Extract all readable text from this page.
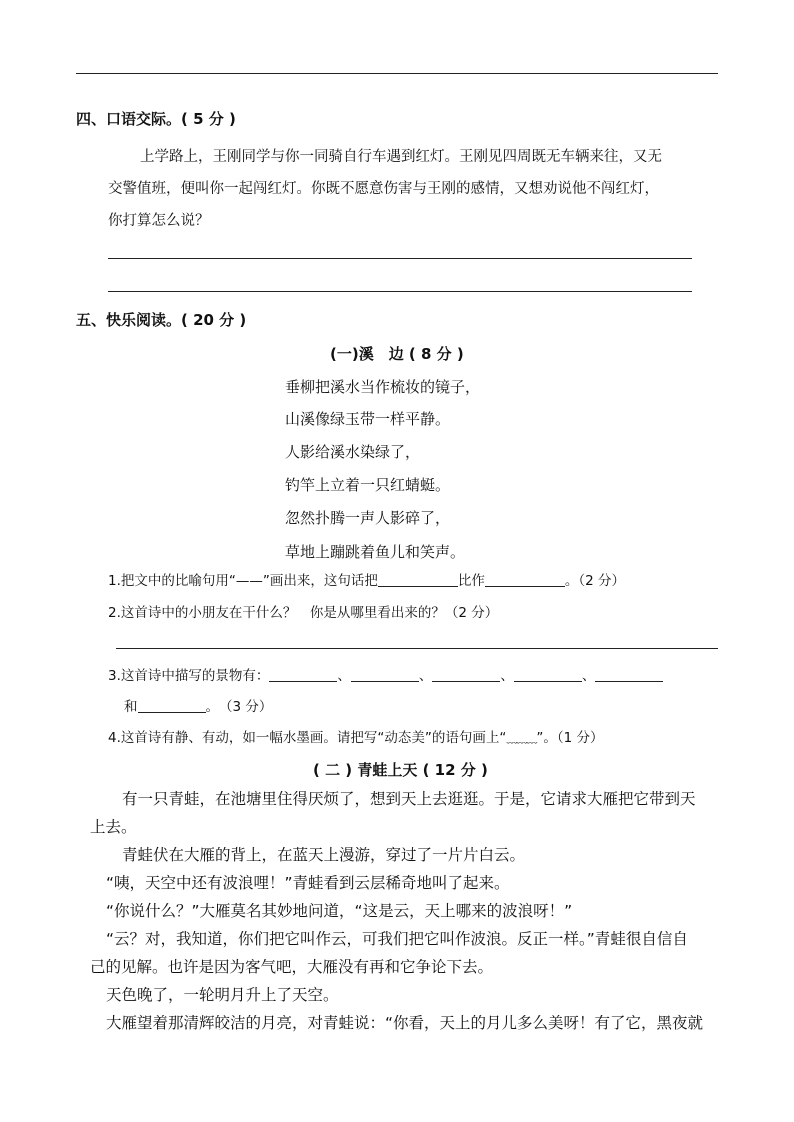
四、口语交际。( 5 分 )
上学路上，王刚同学与你一同骑自行车遇到红灯。王刚见四周既无车辆来往，又无
交警值班，便叫你一起闯红灯。你既不愿意伤害与王刚的感情，又想劝说他不闯红灯，
你打算怎么说？
五、快乐阅读。( 20 分 )
(一)溪　边 ( 8 分 )
垂柳把溪水当作梳妆的镜子，
山溪像绿玉带一样平静。
人影给溪水染绿了，
钓竿上立着一只红蜻蜓。
忽然扑腾一声人影碎了，
草地上蹦跳着鱼儿和笑声。
1.把文中的比喻句用“——”画出来，这句话把	比作	。（2 分）
2.这首诗中的小朋友在干什么？　你是从哪里看出来的？（2 分）
3.这首诗中描写的景物有：	、	、	、	、
和	。　（3 分）
4.这首诗有静、有动，如一幅水墨画。请把写“动态美”的语句画上“﹏﹏﹏”。（1 分）
( 二 ) 青蛙上天 ( 12 分 )
有一只青蛙，在池塘里住得厌烦了，想到天上去逛逛。于是，它请求大雁把它带到天
上去。
青蛙伏在大雁的背上，在蓝天上漫游，穿过了一片片白云。
“咦，天空中还有波浪哩！”青蛙看到云层稀奇地叫了起来。
“你说什么？”大雁莫名其妙地问道，“这是云，天上哪来的波浪呀！”
“云？对，我知道，你们把它叫作云，可我们把它叫作波浪。反正一样。”青蛙很自信自
己的见解。也许是因为客气吧，大雁没有再和它争论下去。
天色晚了，一轮明月升上了天空。
大雁望着那清辉皎洁的月亮，对青蛙说：“你看，天上的月儿多么美呀！有了它，黑夜就
